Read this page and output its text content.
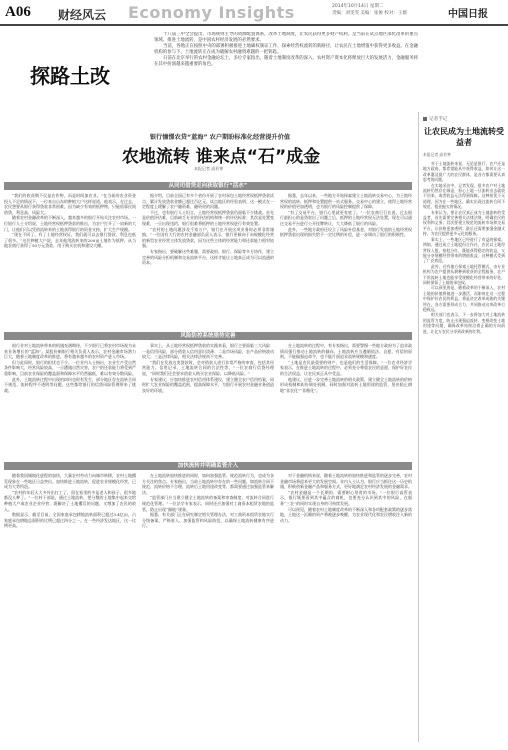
A06 财经风云 Economy Insights	2014年10月14日 星期二
责编：刘雯雯 美编：张俊 校对：王薇	中国日报
探路土改

十八届三中全会提出，市场规则主导的资源配置体系，改革土地制度，让农民获得更多财产权利，是当前在试点地区深化改革的重点领域。推进土地流转，是中国农村经济发展的必然要求。

当前，各地正在按照中央的部署积极推进土地确权颁证工作，探索经营权流转的新路径，让农民在土地增值中获得更多收益。在金融机构的参与下，土地流转正在成为破解农村融资难题的一把钥匙。

日前在北京举行的农村金融论坛上，多位专家指出，随着土地制度改革的深入，农村资产资本化将释放巨大的发展活力，金融服务将在其中扮演越来越重要的角色。

银行憧憬农贷“蓝海” 农户期盼标准化经营提升价值
农地流转 谁来点“石”成金
本报记者 高若寒
记者手记
让农民成为土地流转受益者
本报记者 高若寒

对于土地流转来说，无论是银行、农户还是地方政府，都希望能从中获得收益。如何让这一改革惠及最广大的农民群体，是各方都需要认真思考的问题。

在实地采访中，记者发现，很多农户对土地流转仍然存在顾虑，担心土地一旦流转出去就收不回来，或者收益无法得到保障。这种担忧不无道理，因为在一些地区，确实出现过流转合同不规范、租金拖欠的情况。

专家认为，要让农民真正成为土地流转的受益者，首先需要完善相关法律法规，明确农民的权利和义务；其次要建立规范的流转市场和交易平台，让价格更加透明；最后还需要加强金融支持，为农民提供更多元化的服务。

事实上，一些地区已经进行了有益的探索。例如，通过成立土地股份合作社，农民以土地经营权入股，按股分红，既能获得稳定的收益，又能分享规模经营带来的增值收益，这种模式受到了广泛欢迎。

此外，还有地方探索土地托管模式，由专业机构为农户提供从耕种到收获的全程服务，农户不用流转土地也能享受规模化经营带来的好处，同时保留了土地的承包权。

可以预见的是，随着改革的不断深入，农村土地的价值将被进一步激活，而如何在这一过程中保护好农民的利益，将是决定改革成败的关键所在。各方需要形成合力，共同推动这项改革行稳致远。

相关部门也表示，下一步将加大对土地流转的监管力度，防止出现强迫流转、变相改变土地用途等问题，确保改革始终沿着正确的方向前进，让亿万农民分享到改革的红利。

从同司借贷走向获取银行“活水”

“我们的收获期不仅是农作物，而是时间加农业。”在当前的农业资金投入不足的情况下，一位来自山东的种植大户这样说道。他表示，在过去，农民想要从银行获得贷款非常困难，因为缺少有效的抵押物，只能依靠民间借贷，利息高、风险大。

随着农村金融改革的不断深入，越来越多的银行开始关注农村市场。一位银行人士介绍说，土地经营权抵押贷款的推出，为农户打开了一扇新的大门，让他们可以凭借流转来的土地获得银行的资金支持，扩大生产规模。

“现在不同了，有了土地经营权证，我们就可以去银行贷款，利息也低了很多。”这位种植大户说，去年他用流转来的200亩土地作为抵押，从当地农商行获得了50万元贷款，用于购买农机和建设大棚。

据介绍，目前全国已有多个省份开展了农村承包土地经营权抵押贷款试点，累计发放贷款金额已超过百亿元。试点地区的经验表明，这一模式在一定程度上缓解了农户融资难、融资贵的问题。

不过，也有银行人士坦言，土地经营权抵押贷款仍面临不少挑战。首先是价值评估难，目前缺乏专业的评估机构和统一的评估标准；其次是处置变现难，一旦出现违约，银行很难将抵押的土地经营权进行有效处置。

“农村的土地问题涉及千家万户，银行在开展这项业务时必须非常谨慎。”一位国有大行的农村金融部负责人表示，银行更倾向于向规模化经营的新型农业经营主体发放贷款，因为这些主体的经营能力和还款能力相对较强。

专家指出，要破解这些难题，需要政府、银行、保险等多方协作，建立完善的风险分担机制和交易流转平台，这样才能让土地真正成为可以流通的资本。

据悉，去年以来，一些地方开始探索建立土地流转交易中心，为土地经营权的流转、抵押和处置提供一站式服务。交易中心的建立，使得土地经营权的价值更加透明，也为银行的风险控制提供了保障。

“有了交易平台，银行心里就更有底了。”一位农商行行长说，过去银行最担心的是贷款出了问题之后，抵押的土地经营权无法处置，现在可以通过交易平台进行公开挂牌转让，大大降低了银行的风险。

此外，一些地方政府还设立了风险补偿基金，对银行发放的土地经营权抵押贷款出现的损失给予一定比例的补偿，进一步调动了银行的积极性。

风险防控系统亟待完善

银行业对土地流转带来的机遇充满期待，不少银行已将农村市场视为未来业务增长的“蓝海”。某股份制银行相关负责人表示，农村金融市场潜力巨大，随着土地制度改革的推进，将有越来越多的农村资产进入市场。

但与此同时，银行的担忧也不少。一位业内人士指出，农业生产受自然条件影响大，经营风险较高，一旦遭遇自然灾害，农户的还款能力将受到严重影响。目前农业保险的覆盖面和保障水平仍然偏低，难以有效分散风险。

此外，土地流转过程中出现的纠纷也时有发生，部分地区存在流转合同不规范、流转程序不透明等问题，这些都给银行的信贷风险管理带来了挑战。

事实上，从土地经营权抵押贷款的实践来看，银行主要面临三大风险：一是信用风险，部分借款人信用意识淡薄；二是市场风险，农产品价格波动较大；三是法律风险，相关法律法规尚不完善。

“我们在发放这类贷款时，会对借款人进行非常严格的审查，包括其经营能力、信用记录、土地流转合同的合法性等。”一位农商行信贷经理说，“同时我们还会要求借款人购买农业保险，以降低风险。”

专家建议，应加快推进农村信用体系建设，建立健全农户信用档案，同时扩大农业保险的覆盖范围，提高保障水平，为银行开展农村金融业务创造良好的环境。

在土地流转的过程中，有专家指出，需要警惕一些地方政府为了追求政绩而强行推动土地流转的倾向。土地流转应当遵循依法、自愿、有偿的原则，不能搞强迫命令，也不能片面追求流转规模和速度。

“土地是农民最重要的财产，也是他们的生活保障。”一位农业经济学家表示，在推进土地流转的过程中，必须充分尊重农民的意愿，保护好农民的合法权益，让农民真正从中受益。

他建议，应进一步完善土地流转的相关政策，建立健全土地流转的价格形成机制和纠纷调处机制，同时加强对流转土地用途的监管，坚决防止耕地“非农化”“非粮化”。

加快流转并明确监管介入

随着我国城镇化进程的加快，大量农村劳动力向城市转移，农村土地撂荒现象在一些地区日益突出。加快推进土地流转，促进农业规模化经营，已成为大势所趋。

“农村的年轻人大多外出打工了，留在家里的多是老人和孩子，很多地都没人种了。”一位村干部说，通过土地流转，把分散的土地集中起来交给种植大户或农业企业经营，既解决了土地撂荒的问题，又增加了农民的收入。

数据显示，截至目前，全国家庭承包耕地流转面积已超过3.4亿亩，占家庭承包耕地总面积的比例已超过四分之一。在一些经济发达地区，这一比例更高。

在土地流转加快推进的同时，如何加强监管、规范流转行为，也成为各方关注的焦点。专家指出，当前土地流转中存在的一些问题，如流转合同不规范、流转价格不合理、流转后土地用途改变等，都需要通过加强监管来解决。

“监管部门应当建立健全土地流转的备案和审查制度，对流转合同进行规范化管理。”一位法学专家表示，同时还应加强对工商资本租赁农地的监管，防止出现“圈地”现象。

据悉，有关部门正在研究制定相关管理办法，对工商资本租赁农地实行分级备案、严格准入、加强监管和风险防范，以确保土地流转健康有序进行。

对于金融机构来说，随着土地流转的加快推进和监管的逐步完善，农村金融市场将迎来更大的发展空间。业内人士认为，银行应当抓住这一历史机遇，积极创新金融产品和服务方式，更好地满足农村经济发展的金融需求。

“农村金融是一个长期的、需要耐心培育的市场。”一位银行高管表示，银行既要看到其中蕴含的商机，也要充分认识到其中的风险，在服务“三农”的同时实现自身的可持续发展。

可以预见，随着农村土地制度改革的不断深入和各项配套政策的逐步落地，土地这一沉睡的资产将被逐步唤醒，为农业现代化和农民增收注入新的动力。
